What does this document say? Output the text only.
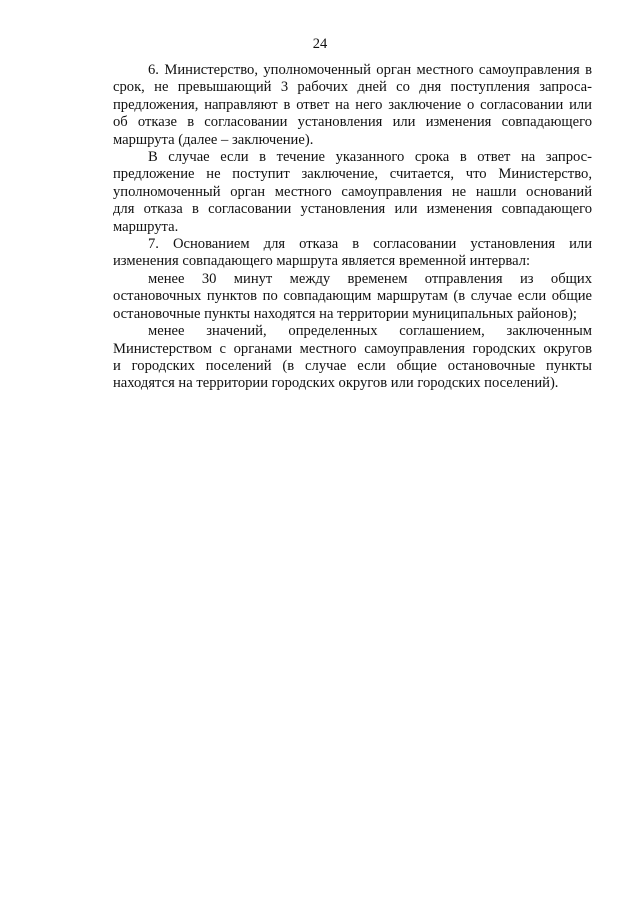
24
6. Министерство, уполномоченный орган местного самоуправления в
срок, не превышающий 3 рабочих дней со дня поступления запроса-
предложения, направляют в ответ на него заключение о согласовании или
об отказе в согласовании установления или изменения совпадающего
маршрута (далее – заключение).
В случае если в течение указанного срока в ответ на запрос-
предложение не поступит заключение, считается, что Министерство,
уполномоченный орган местного самоуправления не нашли оснований
для отказа в согласовании установления или изменения совпадающего
маршрута.
7. Основанием для отказа в согласовании установления или
изменения совпадающего маршрута является временной интервал:
менее 30 минут между временем отправления из общих
остановочных пунктов по совпадающим маршрутам (в случае если общие
остановочные пункты находятся на территории муниципальных районов);
менее значений, определенных соглашением, заключенным
Министерством с органами местного самоуправления городских округов
и городских поселений (в случае если общие остановочные пункты
находятся на территории городских округов или городских поселений).
